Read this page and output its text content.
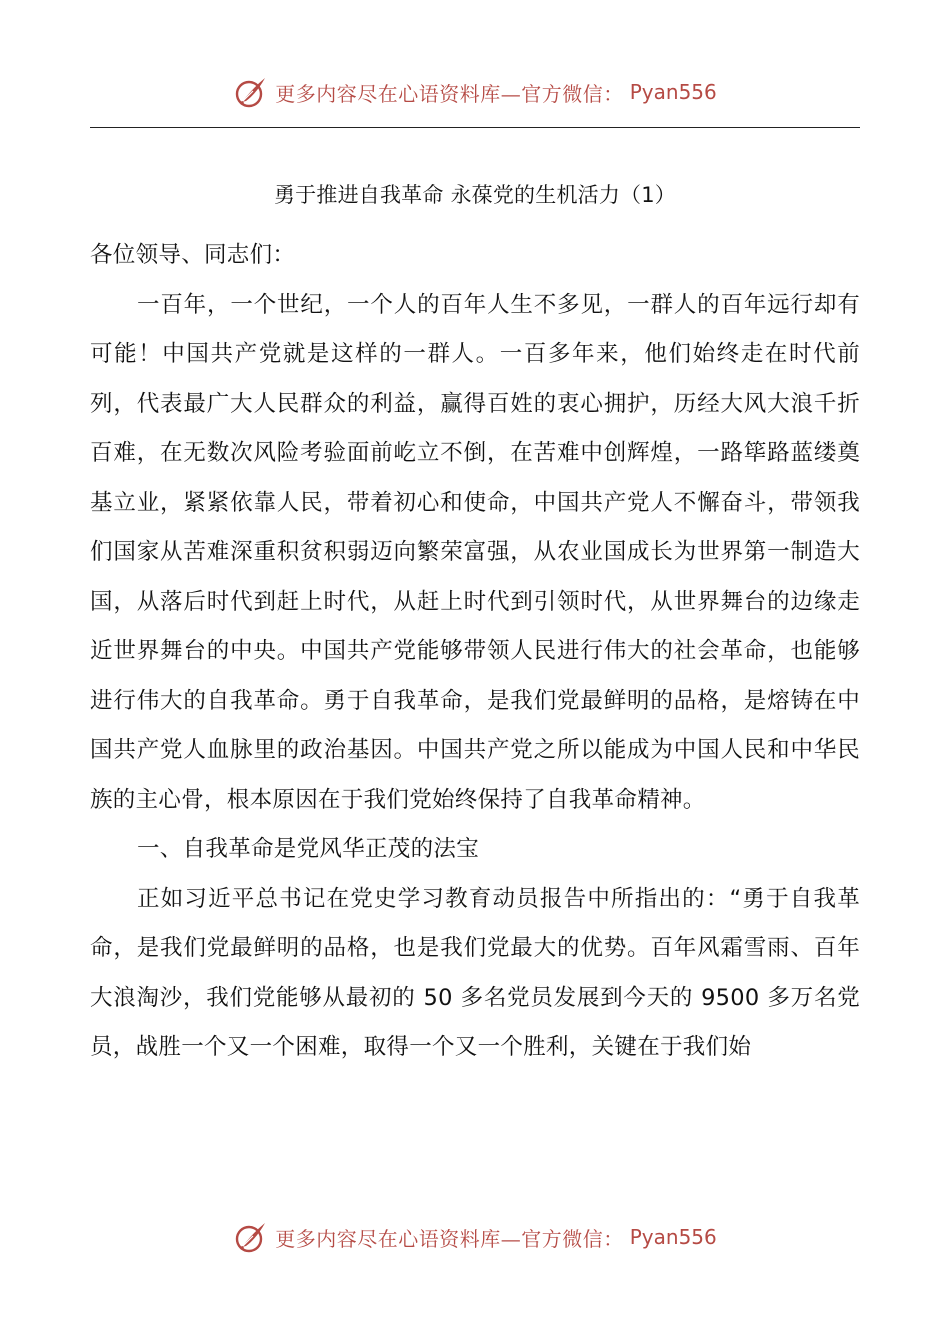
更多内容尽在心语资料库—官方微信： Pyan556
勇于推进自我革命 永葆党的生机活力（1）

各位领导、同志们：

一百年，一个世纪，一个人的百年人生不多见，一群人的百年远行却有可能！中国共产党就是这样的一群人。一百多年来，他们始终走在时代前列，代表最广大人民群众的利益，赢得百姓的衷心拥护，历经大风大浪千折百难，在无数次风险考验面前屹立不倒，在苦难中创辉煌，一路筚路蓝缕奠基立业，紧紧依靠人民，带着初心和使命，中国共产党人不懈奋斗，带领我们国家从苦难深重积贫积弱迈向繁荣富强，从农业国成长为世界第一制造大国，从落后时代到赶上时代，从赶上时代到引领时代，从世界舞台的边缘走近世界舞台的中央。中国共产党能够带领人民进行伟大的社会革命，也能够进行伟大的自我革命。勇于自我革命，是我们党最鲜明的品格，是熔铸在中国共产党人血脉里的政治基因。中国共产党之所以能成为中国人民和中华民族的主心骨，根本原因在于我们党始终保持了自我革命精神。

一、自我革命是党风华正茂的法宝

正如习近平总书记在党史学习教育动员报告中所指出的：“勇于自我革命，是我们党最鲜明的品格，也是我们党最大的优势。百年风霜雪雨、百年大浪淘沙，我们党能够从最初的 50 多名党员发展到今天的 9500 多万名党员，战胜一个又一个困难，取得一个又一个胜利，关键在于我们始

更多内容尽在心语资料库—官方微信： Pyan556
